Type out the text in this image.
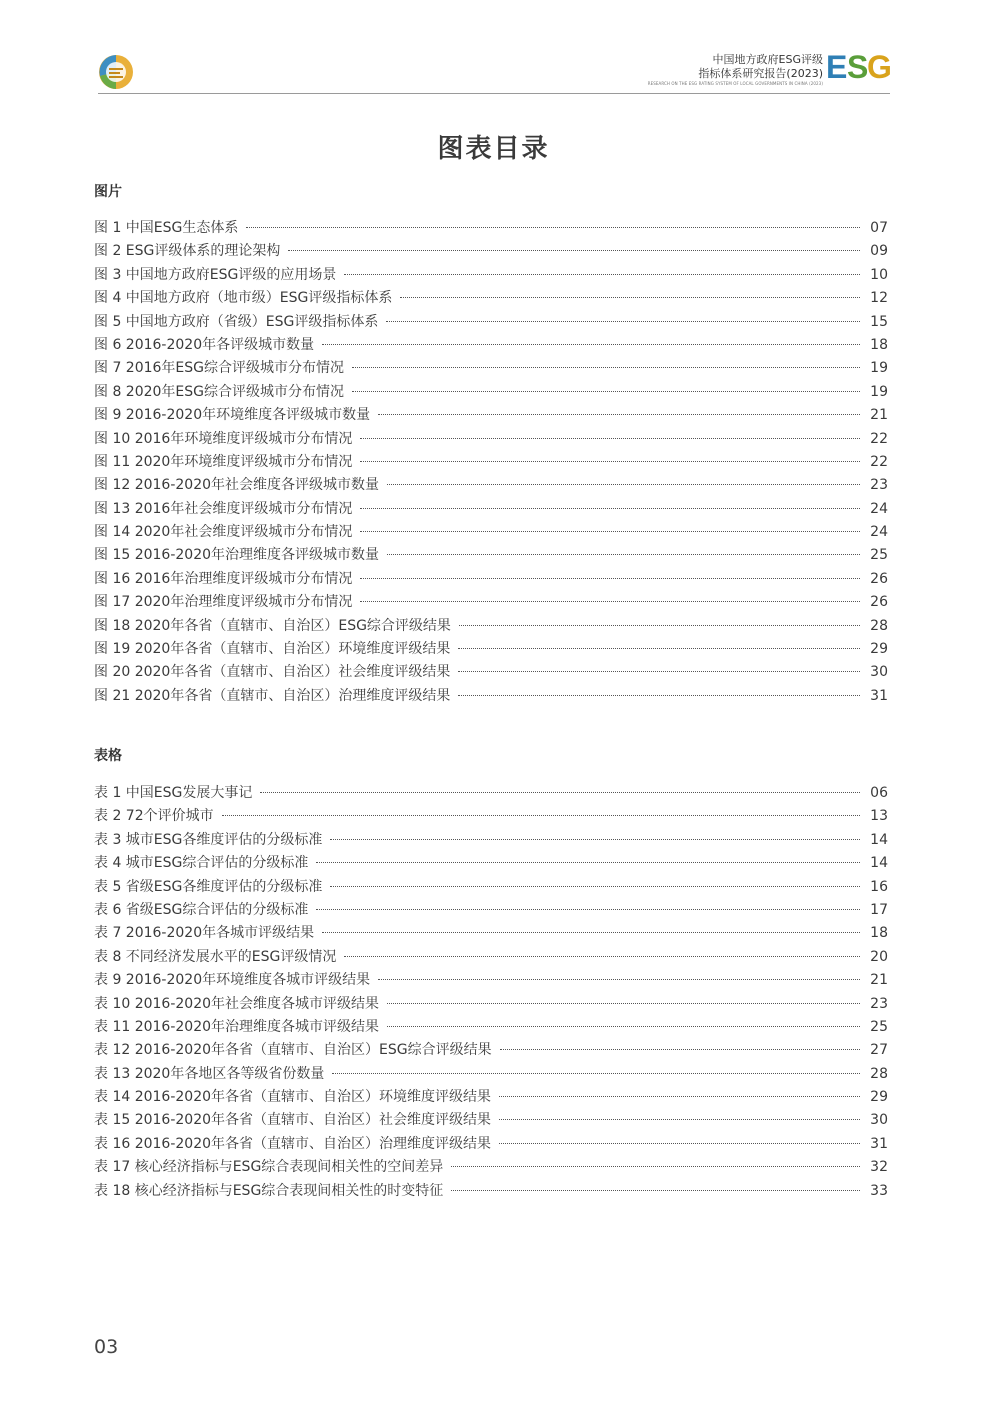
中国地方政府ESG评级
指标体系研究报告(2023)
RESEARCH ON THE ESG RATING SYSTEM OF LOCAL GOVERNMENTS IN CHINA (2023) E S
G
图表目录
图片
图 1 中国ESG生态体系	07
图 2 ESG评级体系的理论架构	09
图 3 中国地方政府ESG评级的应用场景	10
图 4 中国地方政府（地市级）ESG评级指标体系	12
图 5 中国地方政府（省级）ESG评级指标体系	15
图 6 2016-2020年各评级城市数量	18
图 7 2016年ESG综合评级城市分布情况	19
图 8 2020年ESG综合评级城市分布情况	19
图 9 2016-2020年环境维度各评级城市数量	21
图 10 2016年环境维度评级城市分布情况	22
图 11 2020年环境维度评级城市分布情况	22
图 12 2016-2020年社会维度各评级城市数量	23
图 13 2016年社会维度评级城市分布情况	24
图 14 2020年社会维度评级城市分布情况	24
图 15 2016-2020年治理维度各评级城市数量	25
图 16 2016年治理维度评级城市分布情况	26
图 17 2020年治理维度评级城市分布情况	26
图 18 2020年各省（直辖市、自治区）ESG综合评级结果	28
图 19 2020年各省（直辖市、自治区）环境维度评级结果	29
图 20 2020年各省（直辖市、自治区）社会维度评级结果	30
图 21 2020年各省（直辖市、自治区）治理维度评级结果	31
表格
表 1 中国ESG发展大事记	06
表 2 72个评价城市	13
表 3 城市ESG各维度评估的分级标准	14
表 4 城市ESG综合评估的分级标准	14
表 5 省级ESG各维度评估的分级标准	16
表 6 省级ESG综合评估的分级标准	17
表 7 2016-2020年各城市评级结果	18
表 8 不同经济发展水平的ESG评级情况	20
表 9 2016-2020年环境维度各城市评级结果	21
表 10 2016-2020年社会维度各城市评级结果	23
表 11 2016-2020年治理维度各城市评级结果	25
表 12 2016-2020年各省（直辖市、自治区）ESG综合评级结果	27
表 13 2020年各地区各等级省份数量	28
表 14 2016-2020年各省（直辖市、自治区）环境维度评级结果	29
表 15 2016-2020年各省（直辖市、自治区）社会维度评级结果	30
表 16 2016-2020年各省（直辖市、自治区）治理维度评级结果	31
表 17 核心经济指标与ESG综合表现间相关性的空间差异	32
表 18 核心经济指标与ESG综合表现间相关性的时变特征	33
03
